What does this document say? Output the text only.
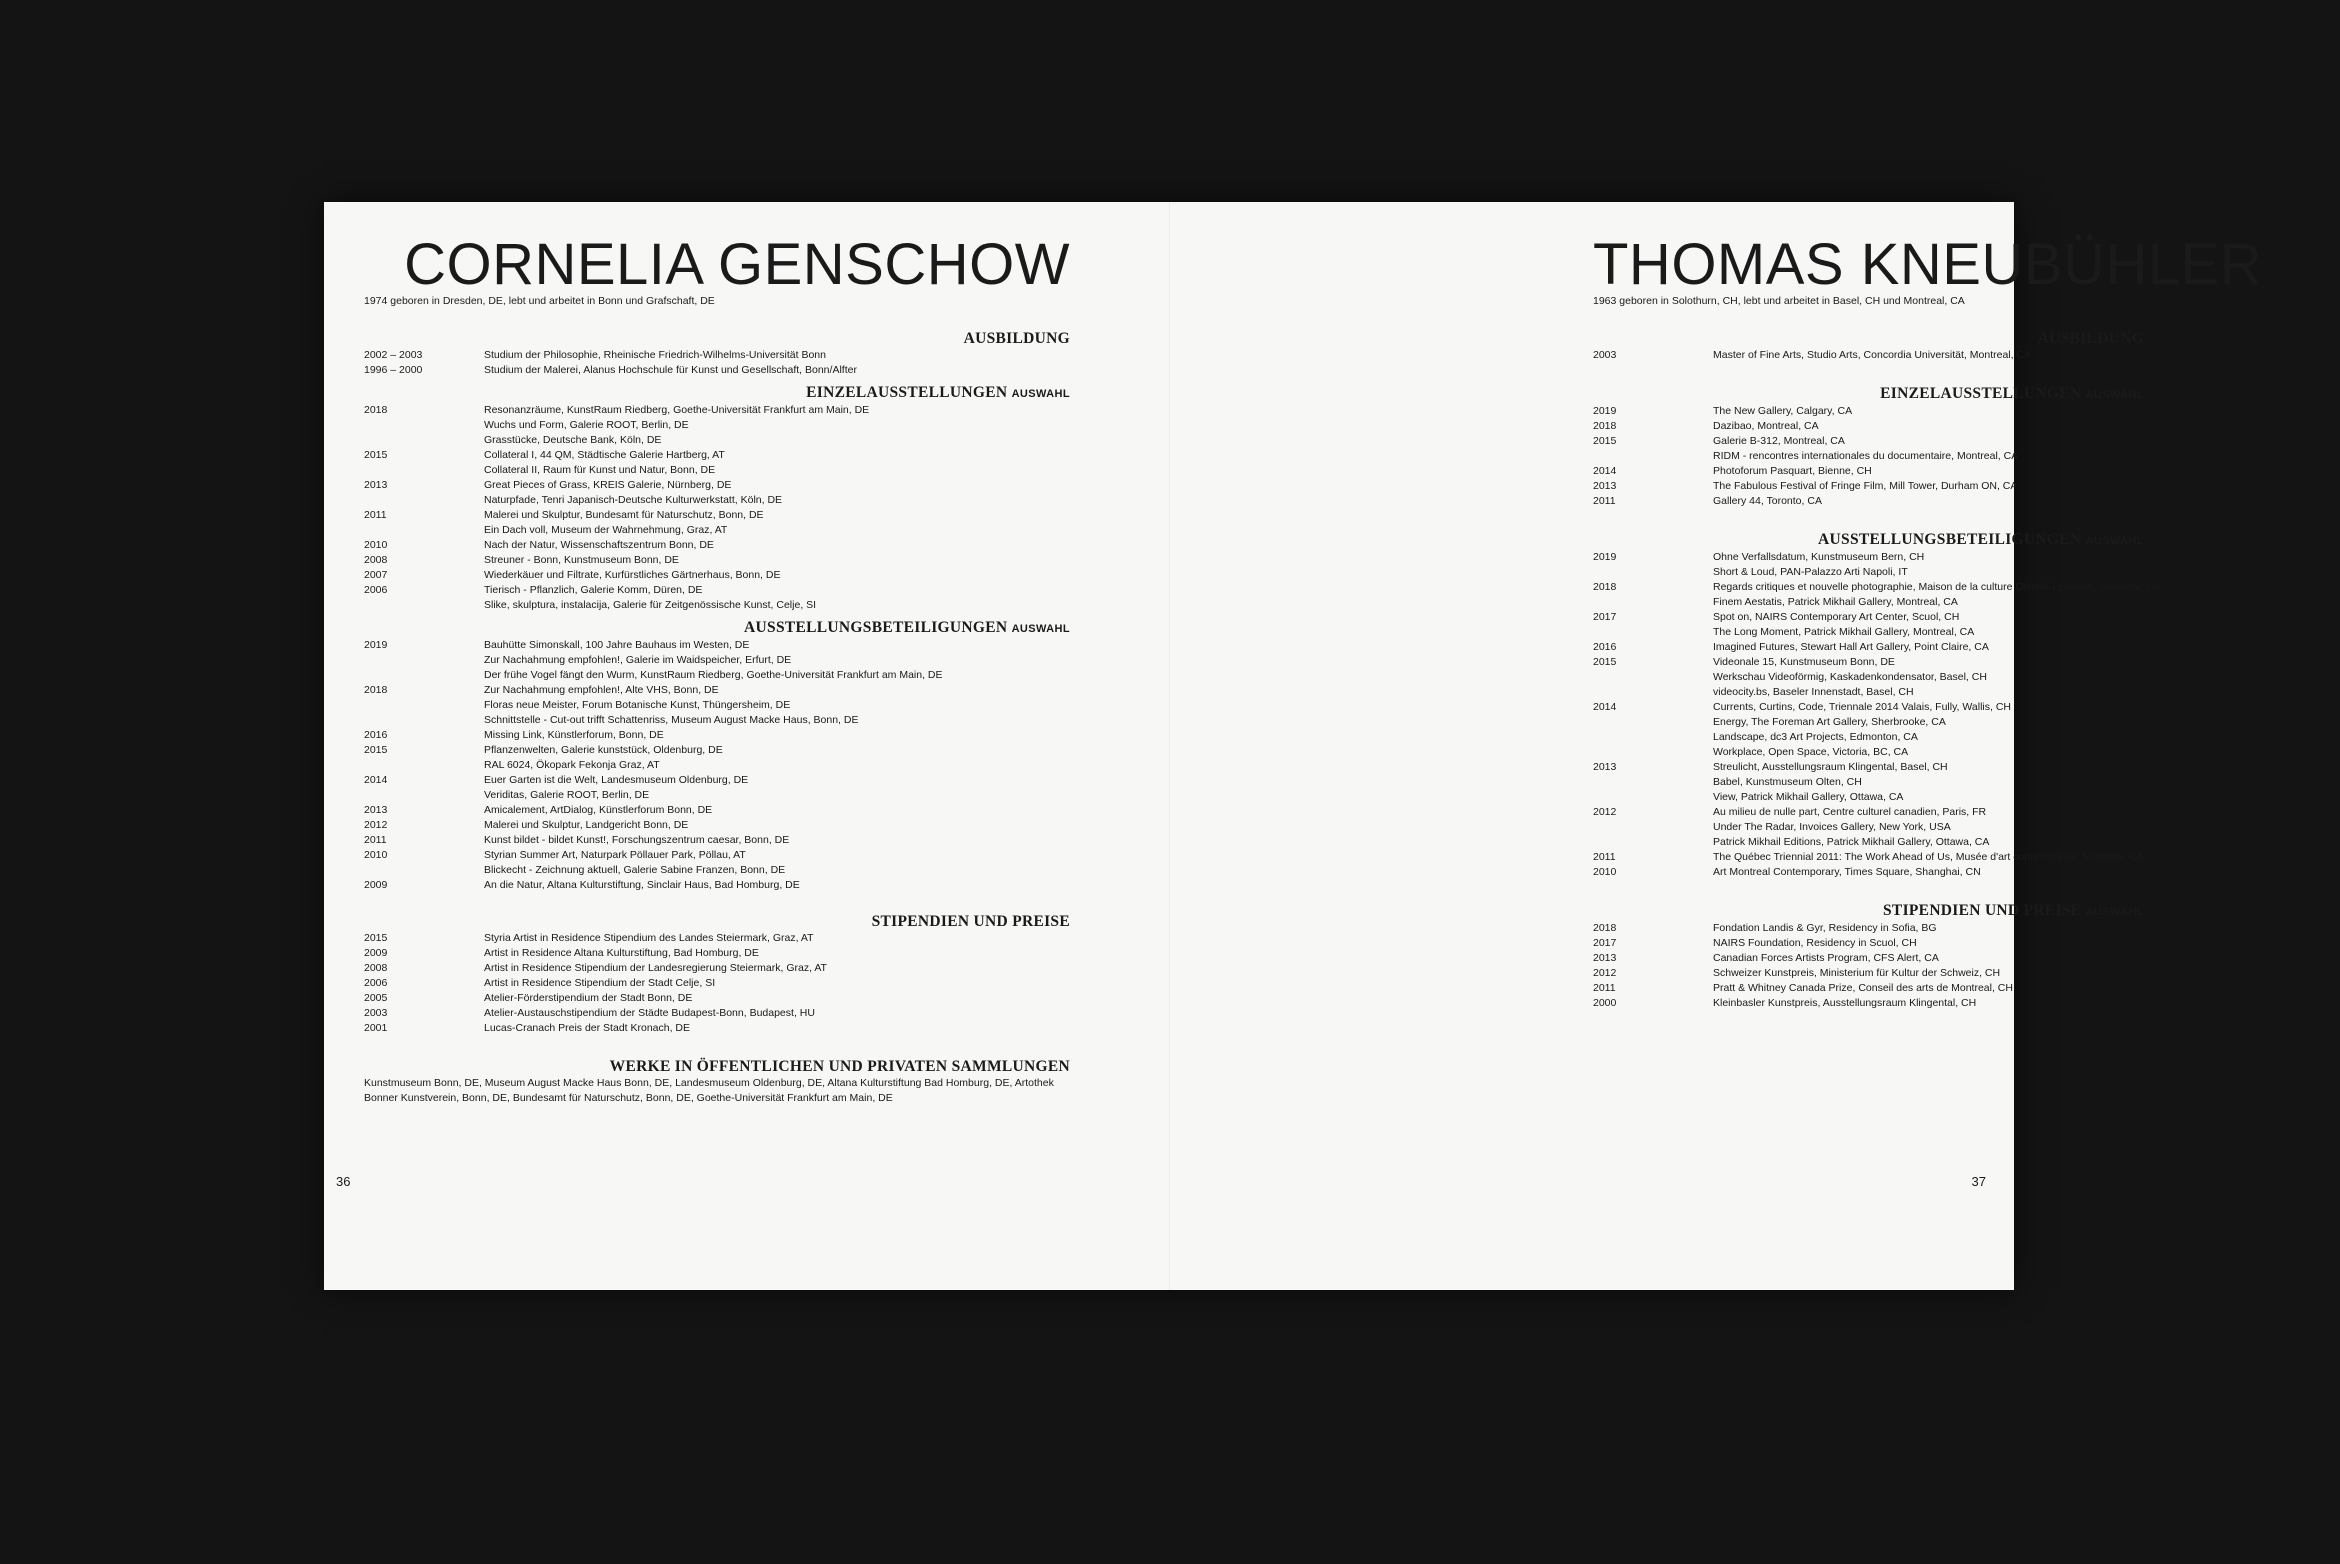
CORNELIA GENSCHOW

1974 geboren in Dresden, DE, lebt und arbeitet in Bonn und Grafschaft, DE

AUSBILDUNG
2002 – 2003	Studium der Philosophie, Rheinische Friedrich-Wilhelms-Universität Bonn
1996 – 2000	Studium der Malerei, Alanus Hochschule für Kunst und Gesellschaft, Bonn/Alfter
EINZELAUSSTELLUNGEN AUSWAHL
2018	Resonanzräume, KunstRaum Riedberg, Goethe-Universität Frankfurt am Main, DE
Wuchs und Form, Galerie ROOT, Berlin, DE
Grasstücke, Deutsche Bank, Köln, DE
2015	Collateral I, 44 QM, Städtische Galerie Hartberg, AT
Collateral II, Raum für Kunst und Natur, Bonn, DE
2013	Great Pieces of Grass, KREIS Galerie, Nürnberg, DE
Naturpfade, Tenri Japanisch-Deutsche Kulturwerkstatt, Köln, DE
2011	Malerei und Skulptur, Bundesamt für Naturschutz, Bonn, DE
Ein Dach voll, Museum der Wahrnehmung, Graz, AT
2010	Nach der Natur, Wissenschaftszentrum Bonn, DE
2008	Streuner - Bonn, Kunstmuseum Bonn, DE
2007	Wiederkäuer und Filtrate, Kurfürstliches Gärtnerhaus, Bonn, DE
2006	Tierisch - Pflanzlich, Galerie Komm, Düren, DE
Slike, skulptura, instalacija, Galerie für Zeitgenössische Kunst, Celje, SI
AUSSTELLUNGSBETEILIGUNGEN AUSWAHL
2019	Bauhütte Simonskall, 100 Jahre Bauhaus im Westen, DE
Zur Nachahmung empfohlen!, Galerie im Waidspeicher, Erfurt, DE
Der frühe Vogel fängt den Wurm, KunstRaum Riedberg, Goethe-Universität Frankfurt am Main, DE
2018	Zur Nachahmung empfohlen!, Alte VHS, Bonn, DE
Floras neue Meister, Forum Botanische Kunst, Thüngersheim, DE
Schnittstelle - Cut-out trifft Schattenriss, Museum August Macke Haus, Bonn, DE
2016	Missing Link, Künstlerforum, Bonn, DE
2015	Pflanzenwelten, Galerie kunststück, Oldenburg, DE
RAL 6024, Ökopark Fekonja Graz, AT
2014	Euer Garten ist die Welt, Landesmuseum Oldenburg, DE
Veriditas, Galerie ROOT, Berlin, DE
2013	Amicalement, ArtDialog, Künstlerforum Bonn, DE
2012	Malerei und Skulptur, Landgericht Bonn, DE
2011	Kunst bildet - bildet Kunst!, Forschungszentrum caesar, Bonn, DE
2010	Styrian Summer Art, Naturpark Pöllauer Park, Pöllau, AT
Blickecht - Zeichnung aktuell, Galerie Sabine Franzen, Bonn, DE
2009	An die Natur, Altana Kulturstiftung, Sinclair Haus, Bad Homburg, DE
STIPENDIEN UND PREISE
2015	Styria Artist in Residence Stipendium des Landes Steiermark, Graz, AT
2009	Artist in Residence Altana Kulturstiftung, Bad Homburg, DE
2008	Artist in Residence Stipendium der Landesregierung Steiermark, Graz, AT
2006	Artist in Residence Stipendium der Stadt Celje, SI
2005	Atelier-Förderstipendium der Stadt Bonn, DE
2003	Atelier-Austauschstipendium der Städte Budapest-Bonn, Budapest, HU
2001	Lucas-Cranach Preis der Stadt Kronach, DE
WERKE IN ÖFFENTLICHEN UND PRIVATEN SAMMLUNGEN

Kunstmuseum Bonn, DE, Museum August Macke Haus Bonn, DE, Landesmuseum Oldenburg, DE, Altana Kulturstiftung Bad Homburg, DE, Artothek Bonner Kunstverein, Bonn, DE, Bundesamt für Naturschutz, Bonn, DE, Goethe-Universität Frankfurt am Main, DE

36
THOMAS KNEUBÜHLER

1963 geboren in Solothurn, CH, lebt und arbeitet in Basel, CH und Montreal, CA

AUSBILDUNG
2003	Master of Fine Arts, Studio Arts, Concordia Universität, Montreal, CA
EINZELAUSSTELLUNGEN AUSWAHL
2019	The New Gallery, Calgary, CA
2018	Dazibao, Montreal, CA
2015	Galerie B-312, Montreal, CA
RIDM - rencontres internationales du documentaire, Montreal, CA
2014	Photoforum Pasquart, Bienne, CH
2013	The Fabulous Festival of Fringe Film, Mill Tower, Durham ON, CA
2011	Gallery 44, Toronto, CA
AUSSTELLUNGSBETEILIGUNGEN AUSWAHL
2019	Ohne Verfallsdatum, Kunstmuseum Bern, CH
Short & Loud, PAN-Palazzo Arti Napoli, IT
2018	Regards critiques et nouvelle photographie, Maison de la culture Claude-Léveillée, Montreal, CA
Finem Aestatis, Patrick Mikhail Gallery, Montreal, CA
2017	Spot on, NAIRS Contemporary Art Center, Scuol, CH
The Long Moment, Patrick Mikhail Gallery, Montreal, CA
2016	Imagined Futures, Stewart Hall Art Gallery, Point Claire, CA
2015	Videonale 15, Kunstmuseum Bonn, DE
Werkschau Videoförmig, Kaskadenkondensator, Basel, CH
videocity.bs, Baseler Innenstadt, Basel, CH
2014	Currents, Curtins, Code, Triennale 2014 Valais, Fully, Wallis, CH
Energy, The Foreman Art Gallery, Sherbrooke, CA
Landscape, dc3 Art Projects, Edmonton, CA
Workplace, Open Space, Victoria, BC, CA
2013	Streulicht, Ausstellungsraum Klingental, Basel, CH
Babel, Kunstmuseum Olten, CH
View, Patrick Mikhail Gallery, Ottawa, CA
2012	Au milieu de nulle part, Centre culturel canadien, Paris, FR
Under The Radar, Invoices Gallery, New York, USA
Patrick Mikhail Editions, Patrick Mikhail Gallery, Ottawa, CA
2011	The Québec Triennial 2011: The Work Ahead of Us, Musée d'art contemporain, Montreal, CA
2010	Art Montreal Contemporary, Times Square, Shanghai, CN
STIPENDIEN UND PREISE AUSWAHL
2018	Fondation Landis & Gyr, Residency in Sofia, BG
2017	NAIRS Foundation, Residency in Scuol, CH
2013	Canadian Forces Artists Program, CFS Alert, CA
2012	Schweizer Kunstpreis, Ministerium für Kultur der Schweiz, CH
2011	Pratt & Whitney Canada Prize, Conseil des arts de Montreal, CH
2000	Kleinbasler Kunstpreis, Ausstellungsraum Klingental, CH
37
